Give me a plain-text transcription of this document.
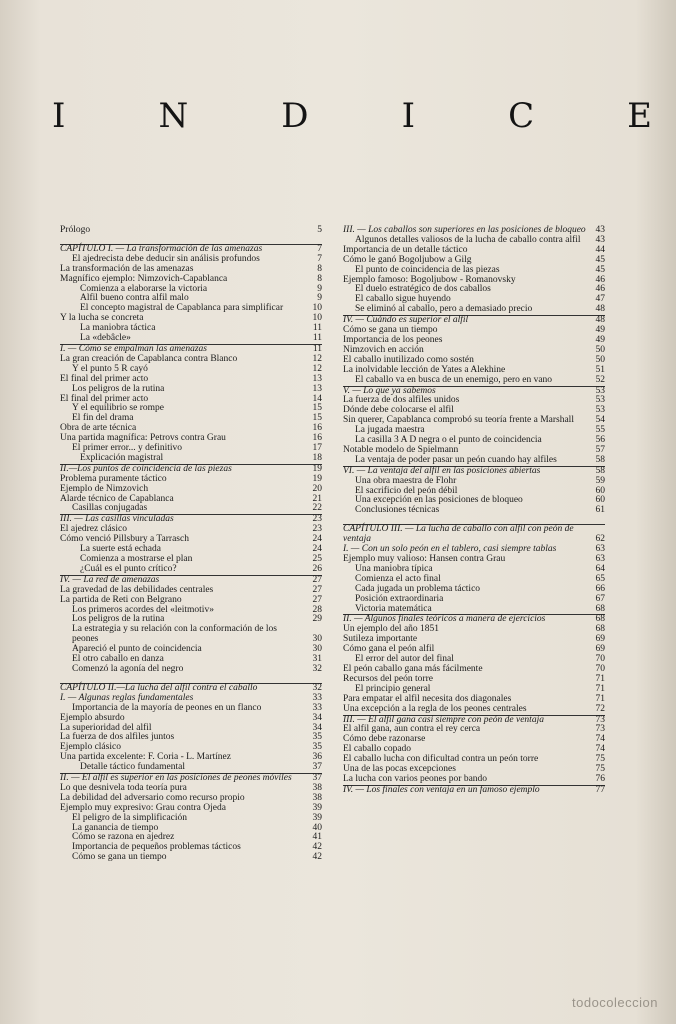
I	N	D	I	C	E
Prólogo	5
CAPÍTULO I. — La transformación de las amenazas	7
El ajedrecista debe deducir sin análisis profundos	7
La transformación de las amenazas	8
Magnífico ejemplo: Nimzovich-Capablanca	8
Comienza a elaborarse la victoria	9
Alfil bueno contra alfil malo	9
El concepto magistral de Capablanca para simplificar	10
Y la lucha se concreta	10
La maniobra táctica	11
La «debâcle»	11
I. — Cómo se empalman las amenazas	11
La gran creación de Capablanca contra Blanco	12
Y el punto 5 R cayó	12
El final del primer acto	13
Los peligros de la rutina	13
El final del primer acto	14
Y el equilibrio se rompe	15
El fin del drama	15
Obra de arte técnica	16
Una partida magnífica: Petrovs contra Grau	16
El primer error... y definitivo	17
Explicación magistral	18
II.—Los puntos de coincidencia de las piezas	19
Problema puramente táctico	19
Ejemplo de Nimzovich	20
Alarde técnico de Capablanca	21
Casillas conjugadas	22
III. — Las casillas vinculadas	23
El ajedrez clásico	23
Cómo venció Pillsbury a Tarrasch	24
La suerte está echada	24
Comienza a mostrarse el plan	25
¿Cuál es el punto crítico?	26
IV. — La red de amenazas	27
La gravedad de las debilidades centrales	27
La partida de Reti con Belgrano	27
Los primeros acordes del «leitmotiv»	28
Los peligros de la rutina	29
La estrategia y su relación con la conformación de los peones	30
Apareció el punto de coincidencia	30
El otro caballo en danza	31
Comenzó la agonía del negro	32
CAPÍTULO II.—La lucha del alfil contra el caballo	32
I. — Algunas reglas fundamentales	33
Importancia de la mayoría de peones en un flanco	33
Ejemplo absurdo	34
La superioridad del alfil	34
La fuerza de dos alfiles juntos	35
Ejemplo clásico	35
Una partida excelente: F. Coria - L. Martínez	36
Detalle táctico fundamental	37
II. — El alfil es superior en las posiciones de peones móviles	37
Lo que desnivela toda teoría pura	38
La debilidad del adversario como recurso propio	38
Ejemplo muy expresivo: Grau contra Ojeda	39
El peligro de la simplificación	39
La ganancia de tiempo	40
Cómo se razona en ajedrez	41
Importancia de pequeños problemas tácticos	42
Cómo se gana un tiempo	42
III. — Los caballos son superiores en las posiciones de bloqueo	43
Algunos detalles valiosos de la lucha de caballo contra alfil	43
Importancia de un detalle táctico	44
Cómo le ganó Bogoljubow a Gilg	45
El punto de coincidencia de las piezas	45
Ejemplo famoso: Bogoljubow - Romanovsky	46
El duelo estratégico de dos caballos	46
El caballo sigue huyendo	47
Se eliminó al caballo, pero a demasiado precio	48
IV. — Cuándo es superior el alfil	48
Cómo se gana un tiempo	49
Importancia de los peones	49
Nimzovich en acción	50
El caballo inutilizado como sostén	50
La inolvidable lección de Yates a Alekhine	51
El caballo va en busca de un enemigo, pero en vano	52
V. — Lo que ya sabemos	53
La fuerza de dos alfiles unidos	53
Dónde debe colocarse el alfil	53
Sin querer, Capablanca comprobó su teoría frente a Marshall	54
La jugada maestra	55
La casilla 3 A D negra o el punto de coincidencia	56
Notable modelo de Spielmann	57
La ventaja de poder pasar un peón cuando hay alfiles	58
VI. — La ventaja del alfil en las posiciones abiertas	58
Una obra maestra de Flohr	59
El sacrificio del peón débil	60
Una excepción en las posiciones de bloqueo	60
Conclusiones técnicas	61
CAPÍTULO III. — La lucha de caballo con alfil con peón de ventaja	62
I. — Con un solo peón en el tablero, casi siempre tablas	63
Ejemplo muy valioso: Hansen contra Grau	63
Una maniobra típica	64
Comienza el acto final	65
Cada jugada un problema táctico	66
Posición extraordinaria	67
Victoria matemática	68
II. — Algunos finales teóricos a manera de ejercicios	68
Un ejemplo del año 1851	68
Sutileza importante	69
Cómo gana el peón alfil	69
El error del autor del final	70
El peón caballo gana más fácilmente	70
Recursos del peón torre	71
El principio general	71
Para empatar el alfil necesita dos diagonales	71
Una excepción a la regla de los peones centrales	72
III. — El alfil gana casi siempre con peón de ventaja	73
El alfil gana, aun contra el rey cerca	73
Cómo debe razonarse	74
El caballo copado	74
El caballo lucha con dificultad contra un peón torre	75
Una de las pocas excepciones	75
La lucha con varios peones por bando	76
IV. — Los finales con ventaja en un famoso ejemplo	77
todocoleccion
